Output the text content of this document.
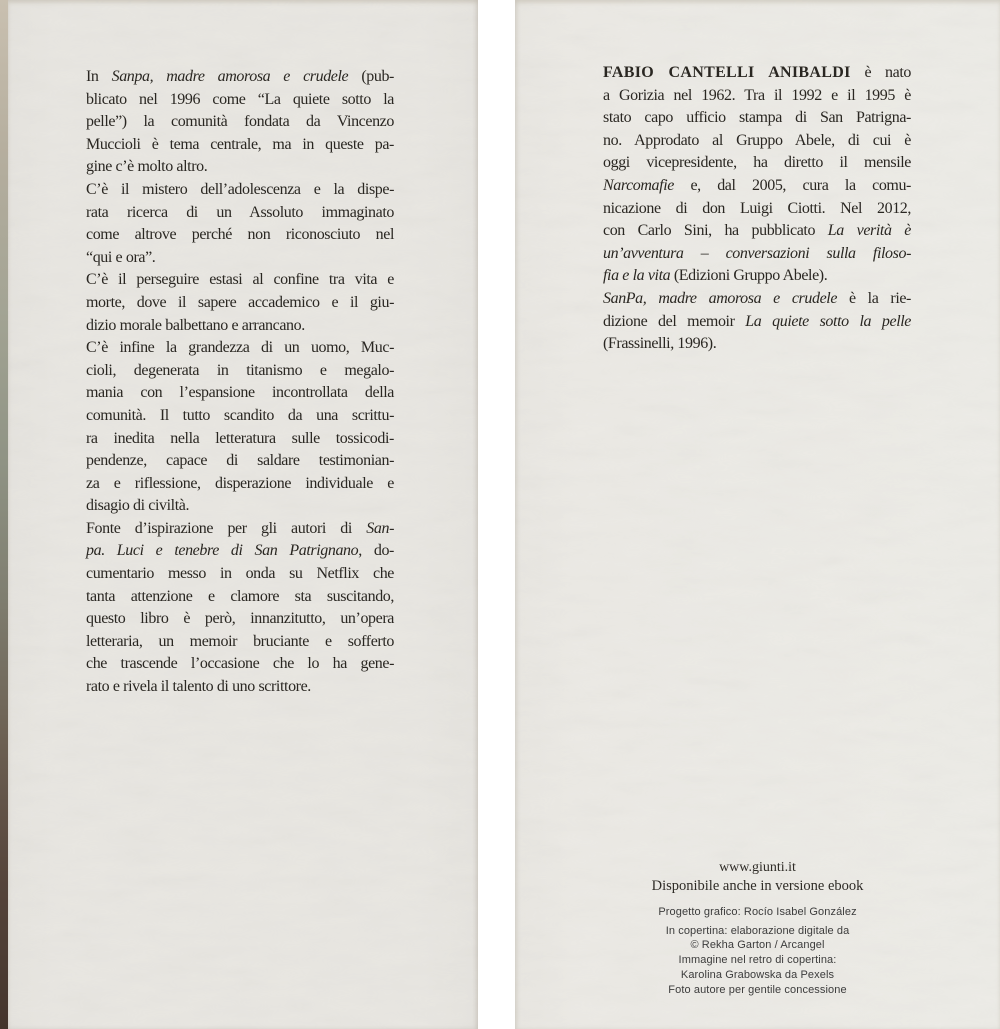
In Sanpa, madre amorosa e crudele (pub-
blicato nel 1996 come “La quiete sotto la
pelle”) la comunità fondata da Vincenzo
Muccioli è tema centrale, ma in queste pa-
gine c’è molto altro.
C’è il mistero dell’adolescenza e la dispe-
rata ricerca di un Assoluto immaginato
come altrove perché non riconosciuto nel
“qui e ora”.
C’è il perseguire estasi al confine tra vita e
morte, dove il sapere accademico e il giu-
dizio morale balbettano e arrancano.
C’è infine la grandezza di un uomo, Muc-
cioli, degenerata in titanismo e megalo-
mania con l’espansione incontrollata della
comunità. Il tutto scandito da una scrittu-
ra inedita nella letteratura sulle tossicodi-
pendenze, capace di saldare testimonian-
za e riflessione, disperazione individuale e
disagio di civiltà.
Fonte d’ispirazione per gli autori di San-
pa. Luci e tenebre di San Patrignano, do-
cumentario messo in onda su Netflix che
tanta attenzione e clamore sta suscitando,
questo libro è però, innanzitutto, un’opera
letteraria, un memoir bruciante e sofferto
che trascende l’occasione che lo ha gene-
rato e rivela il talento di uno scrittore.
FABIO CANTELLI ANIBALDI è nato
a Gorizia nel 1962. Tra il 1992 e il 1995 è
stato capo ufficio stampa di San Patrigna-
no. Approdato al Gruppo Abele, di cui è
oggi vicepresidente, ha diretto il mensile
Narcomafie e, dal 2005, cura la comu-
nicazione di don Luigi Ciotti. Nel 2012,
con Carlo Sini, ha pubblicato La verità è
un’avventura – conversazioni sulla filoso-
fia e la vita (Edizioni Gruppo Abele).
SanPa, madre amorosa e crudele è la rie-
dizione del memoir La quiete sotto la pelle
(Frassinelli, 1996).
www.giunti.it
Disponibile anche in versione ebook
Progetto grafico: Rocío Isabel González
In copertina: elaborazione digitale da
© Rekha Garton / Arcangel
Immagine nel retro di copertina:
Karolina Grabowska da Pexels
Foto autore per gentile concessione
